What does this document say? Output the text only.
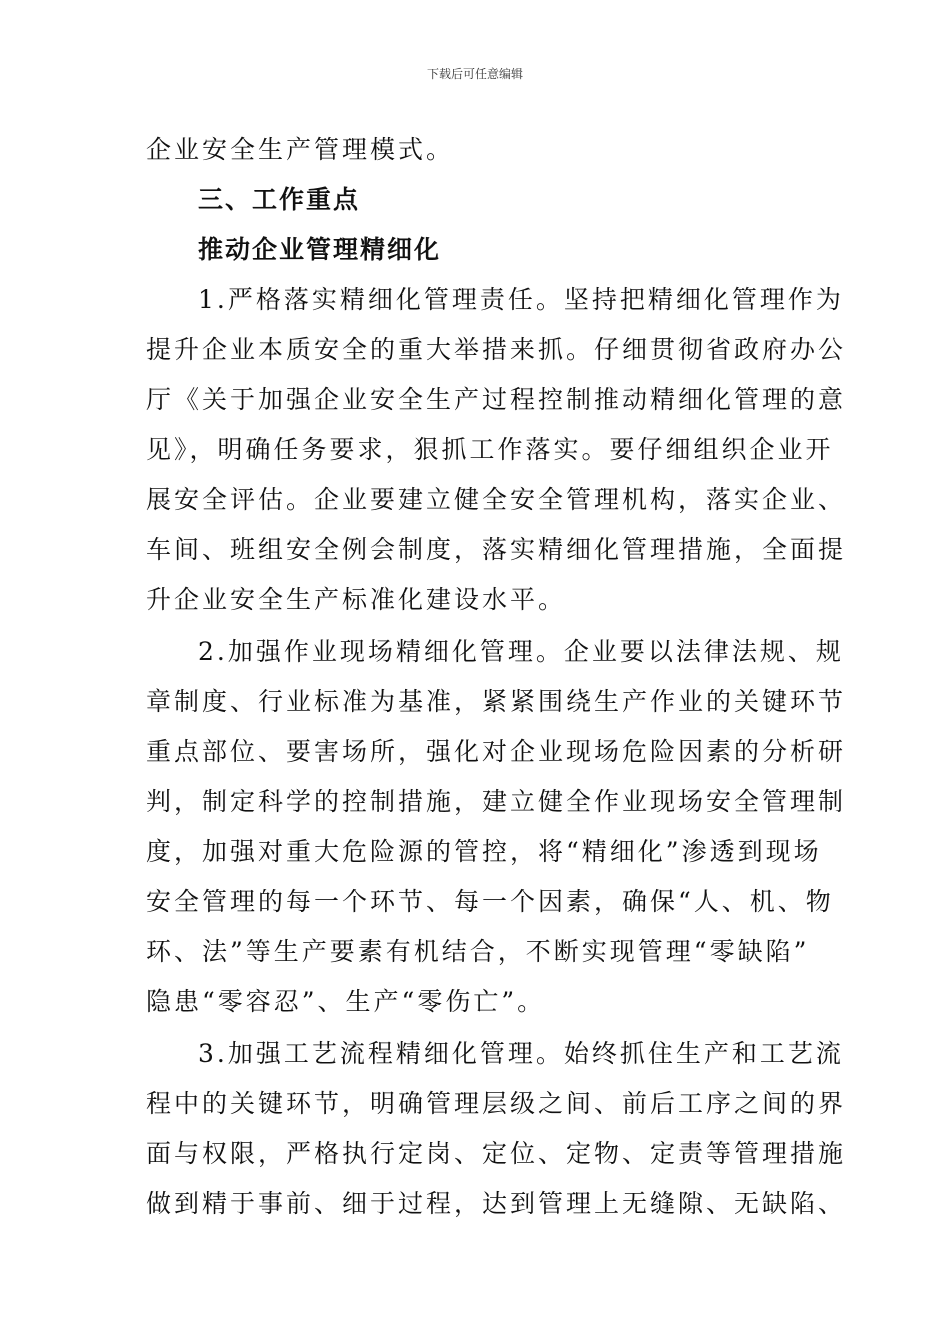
下载后可任意编辑
企业安全生产管理模式。
三、工作重点
推动企业管理精细化
1.严格落实精细化管理责任。坚持把精细化管理作为
提升企业本质安全的重大举措来抓。仔细贯彻省政府办公
厅《关于加强企业安全生产过程控制推动精细化管理的意
见》，明确任务要求，狠抓工作落实。要仔细组织企业开
展安全评估。企业要建立健全安全管理机构，落实企业、
车间、班组安全例会制度，落实精细化管理措施，全面提
升企业安全生产标准化建设水平。
2.加强作业现场精细化管理。企业要以法律法规、规
章制度、行业标准为基准，紧紧围绕生产作业的关键环节
重点部位、要害场所，强化对企业现场危险因素的分析研
判，制定科学的控制措施，建立健全作业现场安全管理制
度，加强对重大危险源的管控，将“精细化”渗透到现场
安全管理的每一个环节、每一个因素，确保“人、机、物
环、法”等生产要素有机结合，不断实现管理“零缺陷”
隐患“零容忍”、生产“零伤亡”。
3.加强工艺流程精细化管理。始终抓住生产和工艺流
程中的关键环节，明确管理层级之间、前后工序之间的界
面与权限，严格执行定岗、定位、定物、定责等管理措施
做到精于事前、细于过程，达到管理上无缝隙、无缺陷、
